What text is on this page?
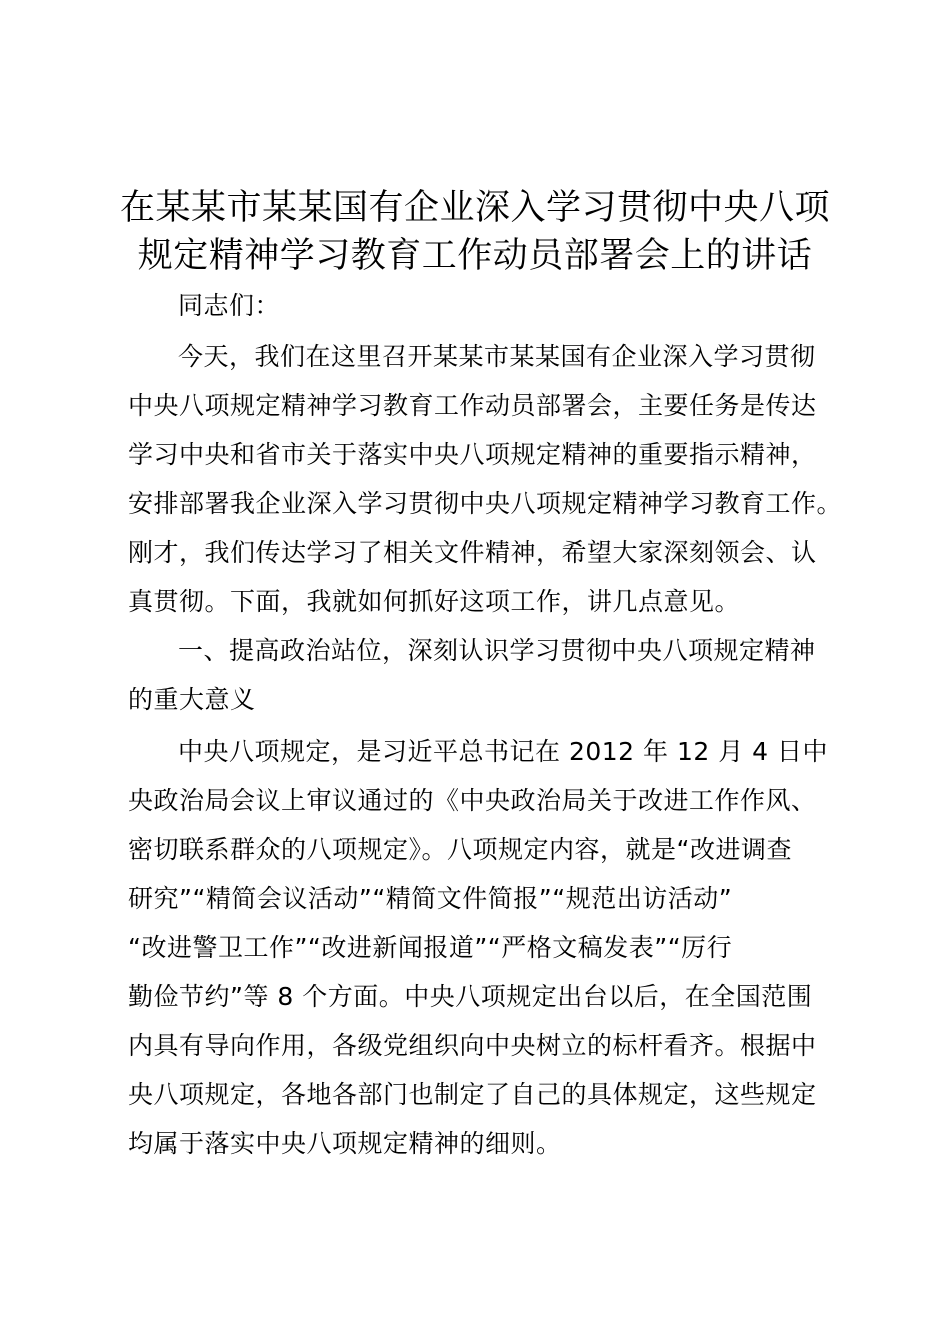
在某某市某某国有企业深入学习贯彻中央八项
规定精神学习教育工作动员部署会上的讲话
同志们：
今天，我们在这里召开某某市某某国有企业深入学习贯彻
中央八项规定精神学习教育工作动员部署会，主要任务是传达
学习中央和省市关于落实中央八项规定精神的重要指示精神，
安排部署我企业深入学习贯彻中央八项规定精神学习教育工作。
刚才，我们传达学习了相关文件精神，希望大家深刻领会、认
真贯彻。下面，我就如何抓好这项工作，讲几点意见。
一、提高政治站位，深刻认识学习贯彻中央八项规定精神
的重大意义
中央八项规定，是习近平总书记在 2012 年 12 月 4 日中
央政治局会议上审议通过的《中央政治局关于改进工作作风、
密切联系群众的八项规定》。八项规定内容，就是“改进调查
研究”“精简会议活动”“精简文件简报”“规范出访活动”
“改进警卫工作”“改进新闻报道”“严格文稿发表”“厉行
勤俭节约”等 8 个方面。中央八项规定出台以后，在全国范围
内具有导向作用，各级党组织向中央树立的标杆看齐。根据中
央八项规定，各地各部门也制定了自己的具体规定，这些规定
均属于落实中央八项规定精神的细则。
